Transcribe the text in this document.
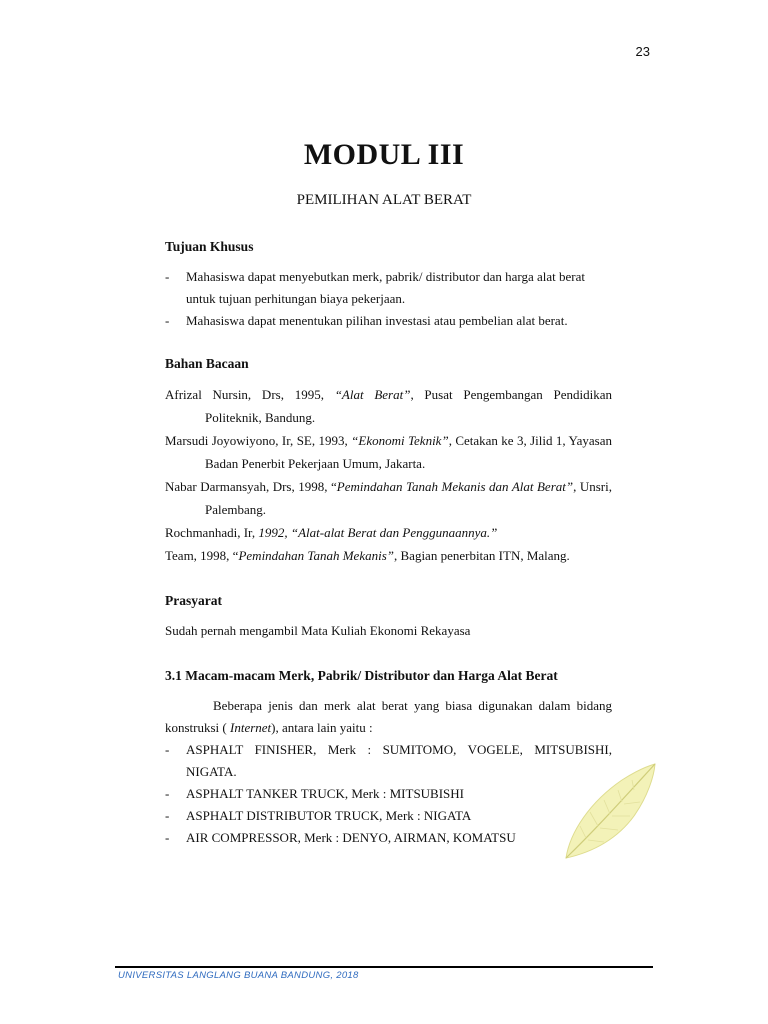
23
MODUL III
PEMILIHAN ALAT BERAT
Tujuan Khusus
- Mahasiswa dapat menyebutkan merk, pabrik/ distributor dan harga alat berat
untuk tujuan perhitungan biaya pekerjaan.
- Mahasiswa dapat menentukan pilihan investasi atau pembelian alat berat.
Bahan Bacaan
Afrizal Nursin, Drs, 1995, “Alat Berat”, Pusat Pengembangan Pendidikan Politeknik, Bandung.
Marsudi Joyowiyono, Ir, SE, 1993, “Ekonomi Teknik”, Cetakan ke 3, Jilid 1, Yayasan Badan Penerbit Pekerjaan Umum, Jakarta.
Nabar Darmansyah, Drs, 1998, “Pemindahan Tanah Mekanis dan Alat Berat”, Unsri, Palembang.
Rochmanhadi, Ir, 1992, “Alat-alat Berat dan Penggunaannya.”
Team, 1998, “Pemindahan Tanah Mekanis”, Bagian penerbitan ITN, Malang.
Prasyarat
Sudah pernah mengambil Mata Kuliah Ekonomi Rekayasa
3.1 Macam-macam Merk, Pabrik/ Distributor dan Harga Alat Berat
Beberapa jenis dan merk alat berat yang biasa digunakan dalam bidang konstruksi ( Internet), antara lain yaitu :
- ASPHALT FINISHER, Merk : SUMITOMO, VOGELE, MITSUBISHI, NIGATA.
- ASPHALT TANKER TRUCK, Merk : MITSUBISHI
- ASPHALT DISTRIBUTOR TRUCK, Merk : NIGATA
- AIR COMPRESSOR, Merk : DENYO, AIRMAN, KOMATSU
UNIVERSITAS LANGLANG BUANA BANDUNG, 2018
